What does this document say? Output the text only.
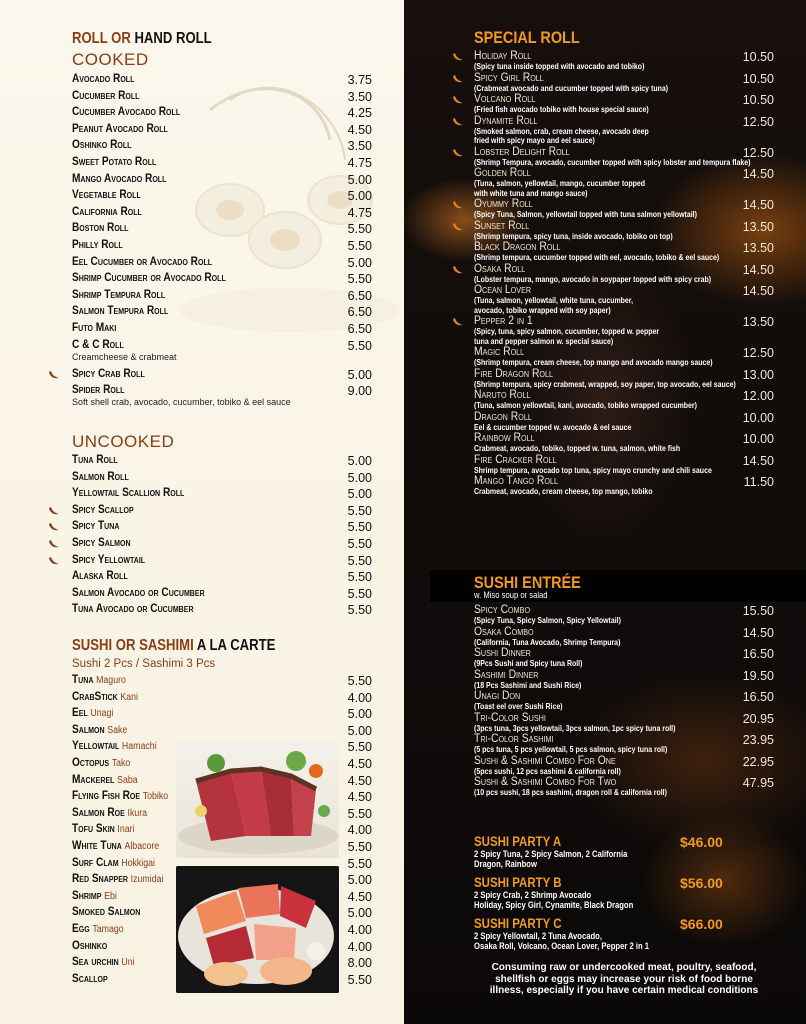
ROLL OR HAND ROLL
COOKED
Avocado Roll	3.75
Cucumber Roll	3.50
Cucumber Avocado Roll	4.25
Peanut Avocado Roll	4.50
Oshinko Roll	3.50
Sweet Potato Roll	4.75
Mango Avocado Roll	5.00
Vegetable Roll	5.00
California Roll	4.75
Boston Roll	5.50
Philly Roll	5.50
Eel Cucumber or Avocado Roll	5.00
Shrimp Cucumber or Avocado Roll	5.50
Shrimp Tempura Roll	6.50
Salmon Tempura Roll	6.50
Futo Maki	6.50
C & C Roll	5.50
Creamcheese & crabmeat
Spicy Crab Roll	5.00
Spider Roll	9.00
Soft shell crab, avocado, cucumber, tobiko & eel sauce
UNCOOKED
Tuna Roll	5.00
Salmon Roll	5.00
Yellowtail Scallion Roll	5.00
Spicy Scallop	5.50
Spicy Tuna	5.50
Spicy Salmon	5.50
Spicy Yellowtail	5.50
Alaska Roll	5.50
Salmon Avocado or Cucumber	5.50
Tuna Avocado or Cucumber	5.50
SUSHI OR SASHIMI A LA CARTE
Sushi 2 Pcs / Sashimi 3 Pcs
Tuna Maguro	5.50
CrabStick Kani	4.00
Eel Unagi	5.00
Salmon Sake	5.00
Yellowtail Hamachi	5.50
Octopus Tako	4.50
Mackerel Saba	4.50
Flying Fish Roe Tobiko	4.50
Salmon Roe Ikura	5.50
Tofu Skin Inari	4.00
White Tuna Albacore	5.50
Surf Clam Hokkigai	5.50
Red Snapper Izumidai	5.00
Shrimp Ebi	4.50
Smoked Salmon	5.00
Egg Tamago	4.00
Oshinko	4.00
Sea urchin Uni	8.00
Scallop	5.50
SPECIAL ROLL
Holiday Roll	10.50
(Spicy tuna inside topped with avocado and tobiko)
Spicy Girl Roll	10.50
(Crabmeat avocado and cucumber topped with spicy tuna)
Volcano Roll	10.50
(Fried fish avocado tobiko with house special sauce)
Dynamite Roll	12.50
(Smoked salmon, crab, cream cheese, avocado deep
fried with spicy mayo and eel sauce)
Lobster Delight Roll	12.50
(Shrimp Tempura, avocado, cucumber topped with spicy lobster and tempura flake)
Golden Roll	14.50
(Tuna, salmon, yellowtail, mango, cucumber topped
with white tuna and mango sauce)
Oyummy Roll	14.50
(Spicy Tuna, Salmon, yellowtail topped with tuna salmon yellowtail)
Sunset Roll	13.50
(Shrimp tempura, spicy tuna, inside avocado, tobiko on top)
Black Dragon Roll	13.50
(Shrimp tempura, cucumber topped with eel, avocado, tobiko & eel sauce)
Osaka Roll	14.50
(Lobster tempura, mango, avocado in soypaper topped with spicy crab)
Ocean Lover	14.50
(Tuna, salmon, yellowtail, white tuna, cucumber,
avocado, tobiko wrapped with soy paper)
Pepper 2 in 1	13.50
(Spicy, tuna, spicy salmon, cucumber, topped w. pepper
tuna and pepper salmon w. special sauce)
Magic Roll	12.50
(Shrimp tempura, cream cheese, top mango and avocado mango sauce)
Fire Dragon Roll	13.00
(Shrimp tempura, spicy crabmeat, wrapped, soy paper, top avocado, eel sauce)
Naruto Roll	12.00
(Tuna, salmon yellowtail, kani, avocado, tobiko wrapped cucumber)
Dragon Roll	10.00
Eel & cucumber topped w. avocado & eel sauce
Rainbow Roll	10.00
Crabmeat, avocado, tobiko, topped w. tuna, salmon, white fish
Fire Cracker Roll	14.50
Shrimp tempura, avocado top tuna, spicy mayo crunchy and chili sauce
Mango Tango Roll	11.50
Crabmeat, avocado, cream cheese, top mango, tobiko
SUSHI ENTRÉE
w. Miso soup or salad
Spicy Combo	15.50
(Spicy Tuna, Spicy Salmon, Spicy Yellowtail)
Osaka Combo	14.50
(California, Tuna Avocado, Shrimp Tempura)
Sushi Dinner	16.50
(9Pcs Sushi and Spicy tuna Roll)
Sashimi Dinner	19.50
(18 Pcs Sashimi and Sushi Rice)
Unagi Don	16.50
(Toast eel over Sushi Rice)
Tri-Color Sushi	20.95
(3pcs tuna, 3pcs yellowtail, 3pcs salmon, 1pc spicy tuna roll)
Tri-Color Sashimi	23.95
(5 pcs tuna, 5 pcs yellowtail, 5 pcs salmon, spicy tuna roll)
Sushi & Sashimi Combo For One	22.95
(5pcs sushi, 12 pcs sashimi & california roll)
Sushi & Sashimi Combo For Two	47.95
(10 pcs sushi, 18 pcs sashimi, dragon roll & california roll)
SUSHI PARTY A	$46.00
2 Spicy Tuna, 2 Spicy Salmon, 2 California
Dragon, Rainbow
SUSHI PARTY B	$56.00
2 Spicy Crab, 2 Shrimp Avocado
Holiday, Spicy Girl, Cynamite, Black Dragon
SUSHI PARTY C	$66.00
2 Spicy Yellowtail, 2 Tuna Avocado,
Osaka Roll, Volcano, Ocean Lover, Pepper 2 in 1
Consuming raw or undercooked meat, poultry, seafood,
shellfish or eggs may increase your risk of food borne
illness, especially if you have certain medical conditions
